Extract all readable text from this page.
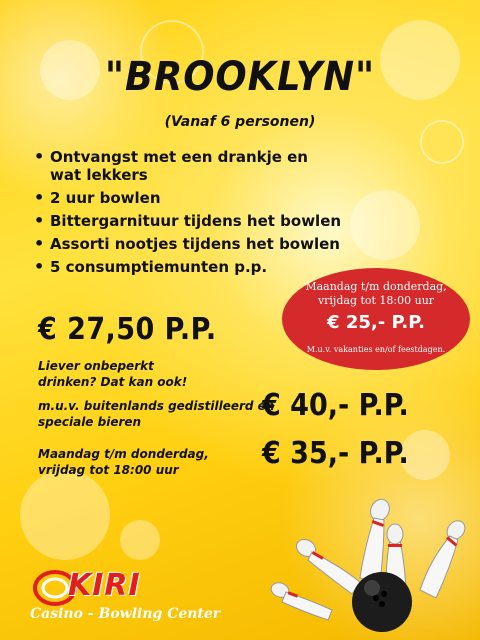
"BROOKLYN"
(Vanaf 6 personen)
• Ontvangst met een drankje en wat lekkers
• 2 uur bowlen
• Bittergarnituur tijdens het bowlen
• Assorti nootjes tijdens het bowlen
• 5 consumptiemunten p.p.
€ 27,50 P.P.
Maandag t/m donderdag,
vrijdag tot 18:00 uur
€ 25,- P.P.
M.u.v. vakanties en/of feestdagen.
Liever onbeperkt
drinken? Dat kan ook!
m.u.v. buitenlands gedistilleerd en
speciale bieren	€ 40,- P.P.
Maandag t/m donderdag,
vrijdag tot 18:00 uur	€ 35,- P.P.
KIRI
Casino - Bowling Center
